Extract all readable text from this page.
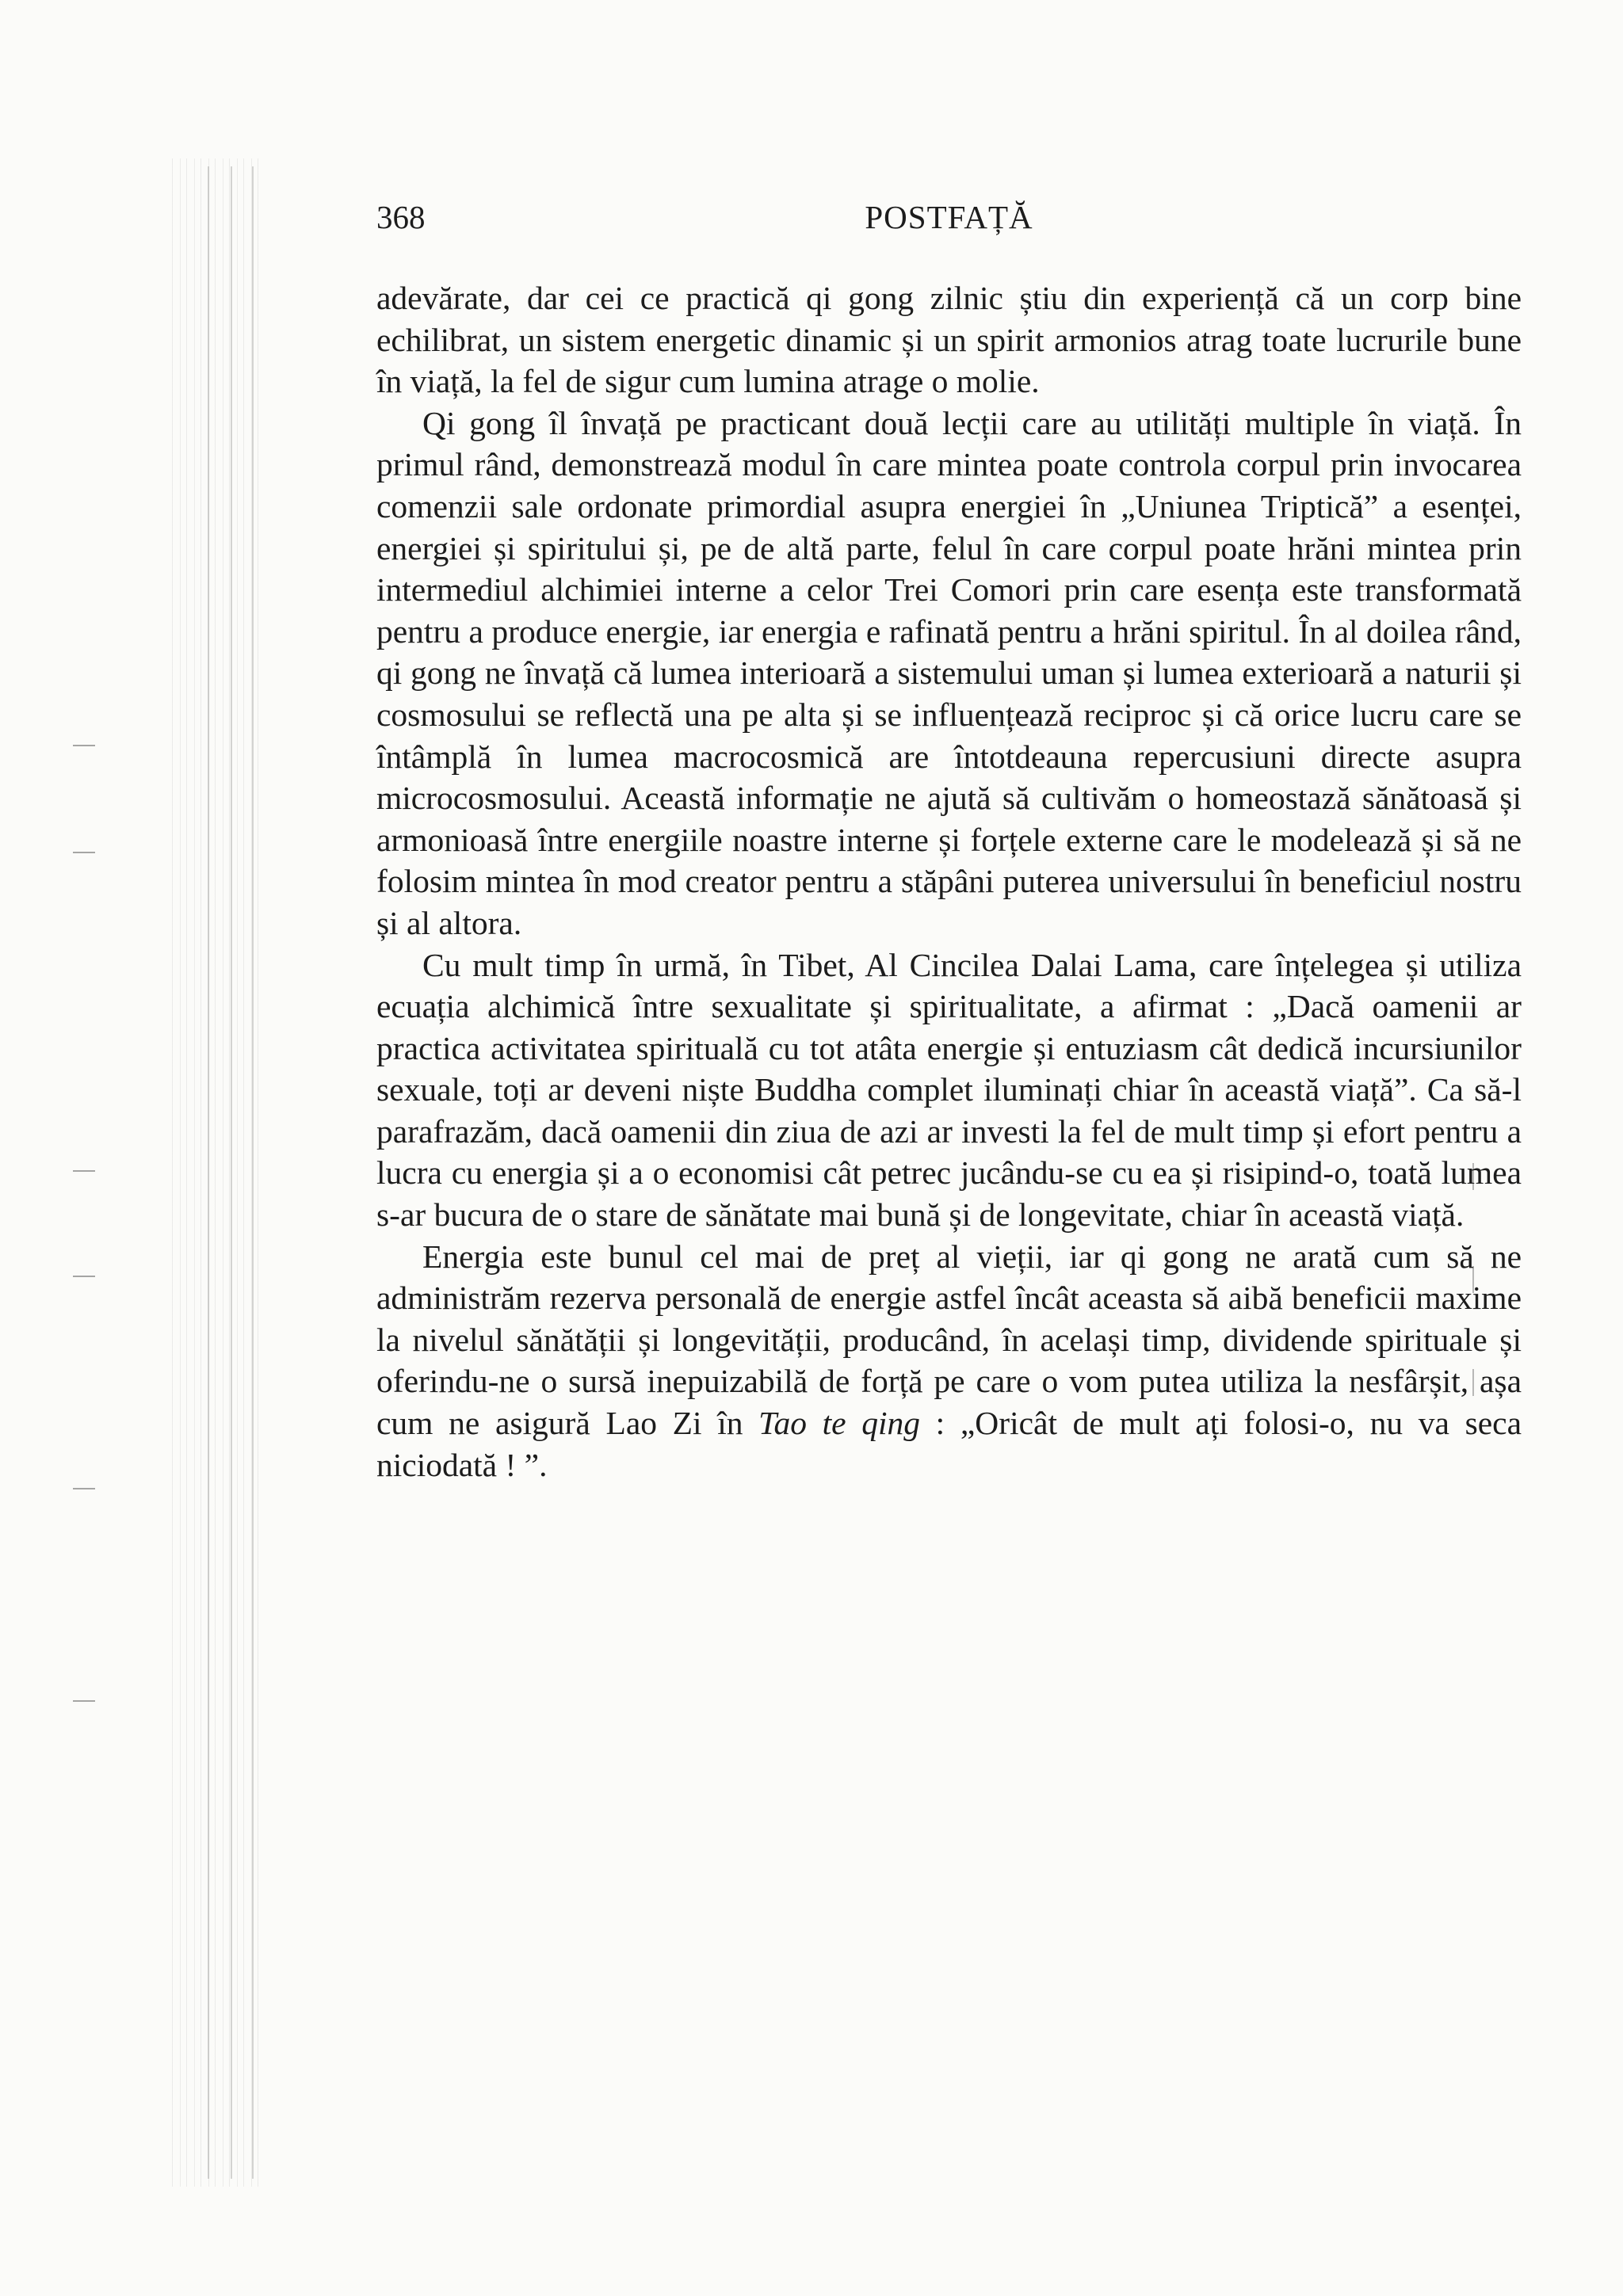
368	POSTFAȚĂ

adevărate, dar cei ce practică qi gong zilnic știu din experiență că un corp bine echilibrat, un sistem energetic dinamic și un spirit armonios atrag toate lucrurile bune în viață, la fel de sigur cum lumina atrage o molie.

Qi gong îl învață pe practicant două lecții care au utilități multiple în viață. În primul rând, demonstrează modul în care mintea poate controla corpul prin invocarea comenzii sale ordonate primordial asupra energiei în „Uniunea Triptică” a esenței, energiei și spiritului și, pe de altă parte, felul în care corpul poate hrăni mintea prin intermediul alchimiei interne a celor Trei Comori prin care esența este transformată pentru a produce energie, iar energia e rafinată pentru a hrăni spiritul. În al doilea rând, qi gong ne învață că lumea interioară a sistemului uman și lumea exterioară a naturii și cosmosului se reflectă una pe alta și se influențează reciproc și că orice lucru care se întâmplă în lumea macrocosmică are întotdeauna repercusiuni directe asupra microcosmosului. Această informație ne ajută să cultivăm o homeostază sănătoasă și armonioasă între energiile noastre interne și forțele externe care le modelează și să ne folosim mintea în mod creator pentru a stăpâni puterea universului în beneficiul nostru și al altora.

Cu mult timp în urmă, în Tibet, Al Cincilea Dalai Lama, care înțelegea și utiliza ecuația alchimică între sexualitate și spiritualitate, a afirmat : „Dacă oamenii ar practica activitatea spirituală cu tot atâta energie și entuziasm cât dedică incursiunilor sexuale, toți ar deveni niște Buddha complet iluminați chiar în această viață”. Ca să-l parafrazăm, dacă oamenii din ziua de azi ar investi la fel de mult timp și efort pentru a lucra cu energia și a o economisi cât petrec jucându-se cu ea și risipind-o, toată lumea s-ar bucura de o stare de sănătate mai bună și de longevitate, chiar în această viață.

Energia este bunul cel mai de preț al vieții, iar qi gong ne arată cum să ne administrăm rezerva personală de energie astfel încât aceasta să aibă beneficii maxime la nivelul sănătății și longevității, producând, în același timp, dividende spirituale și oferindu-ne o sursă inepuizabilă de forță pe care o vom putea utiliza la nesfârșit, așa cum ne asigură Lao Zi în Tao te qing : „Oricât de mult ați folosi-o, nu va seca niciodată ! ”.
